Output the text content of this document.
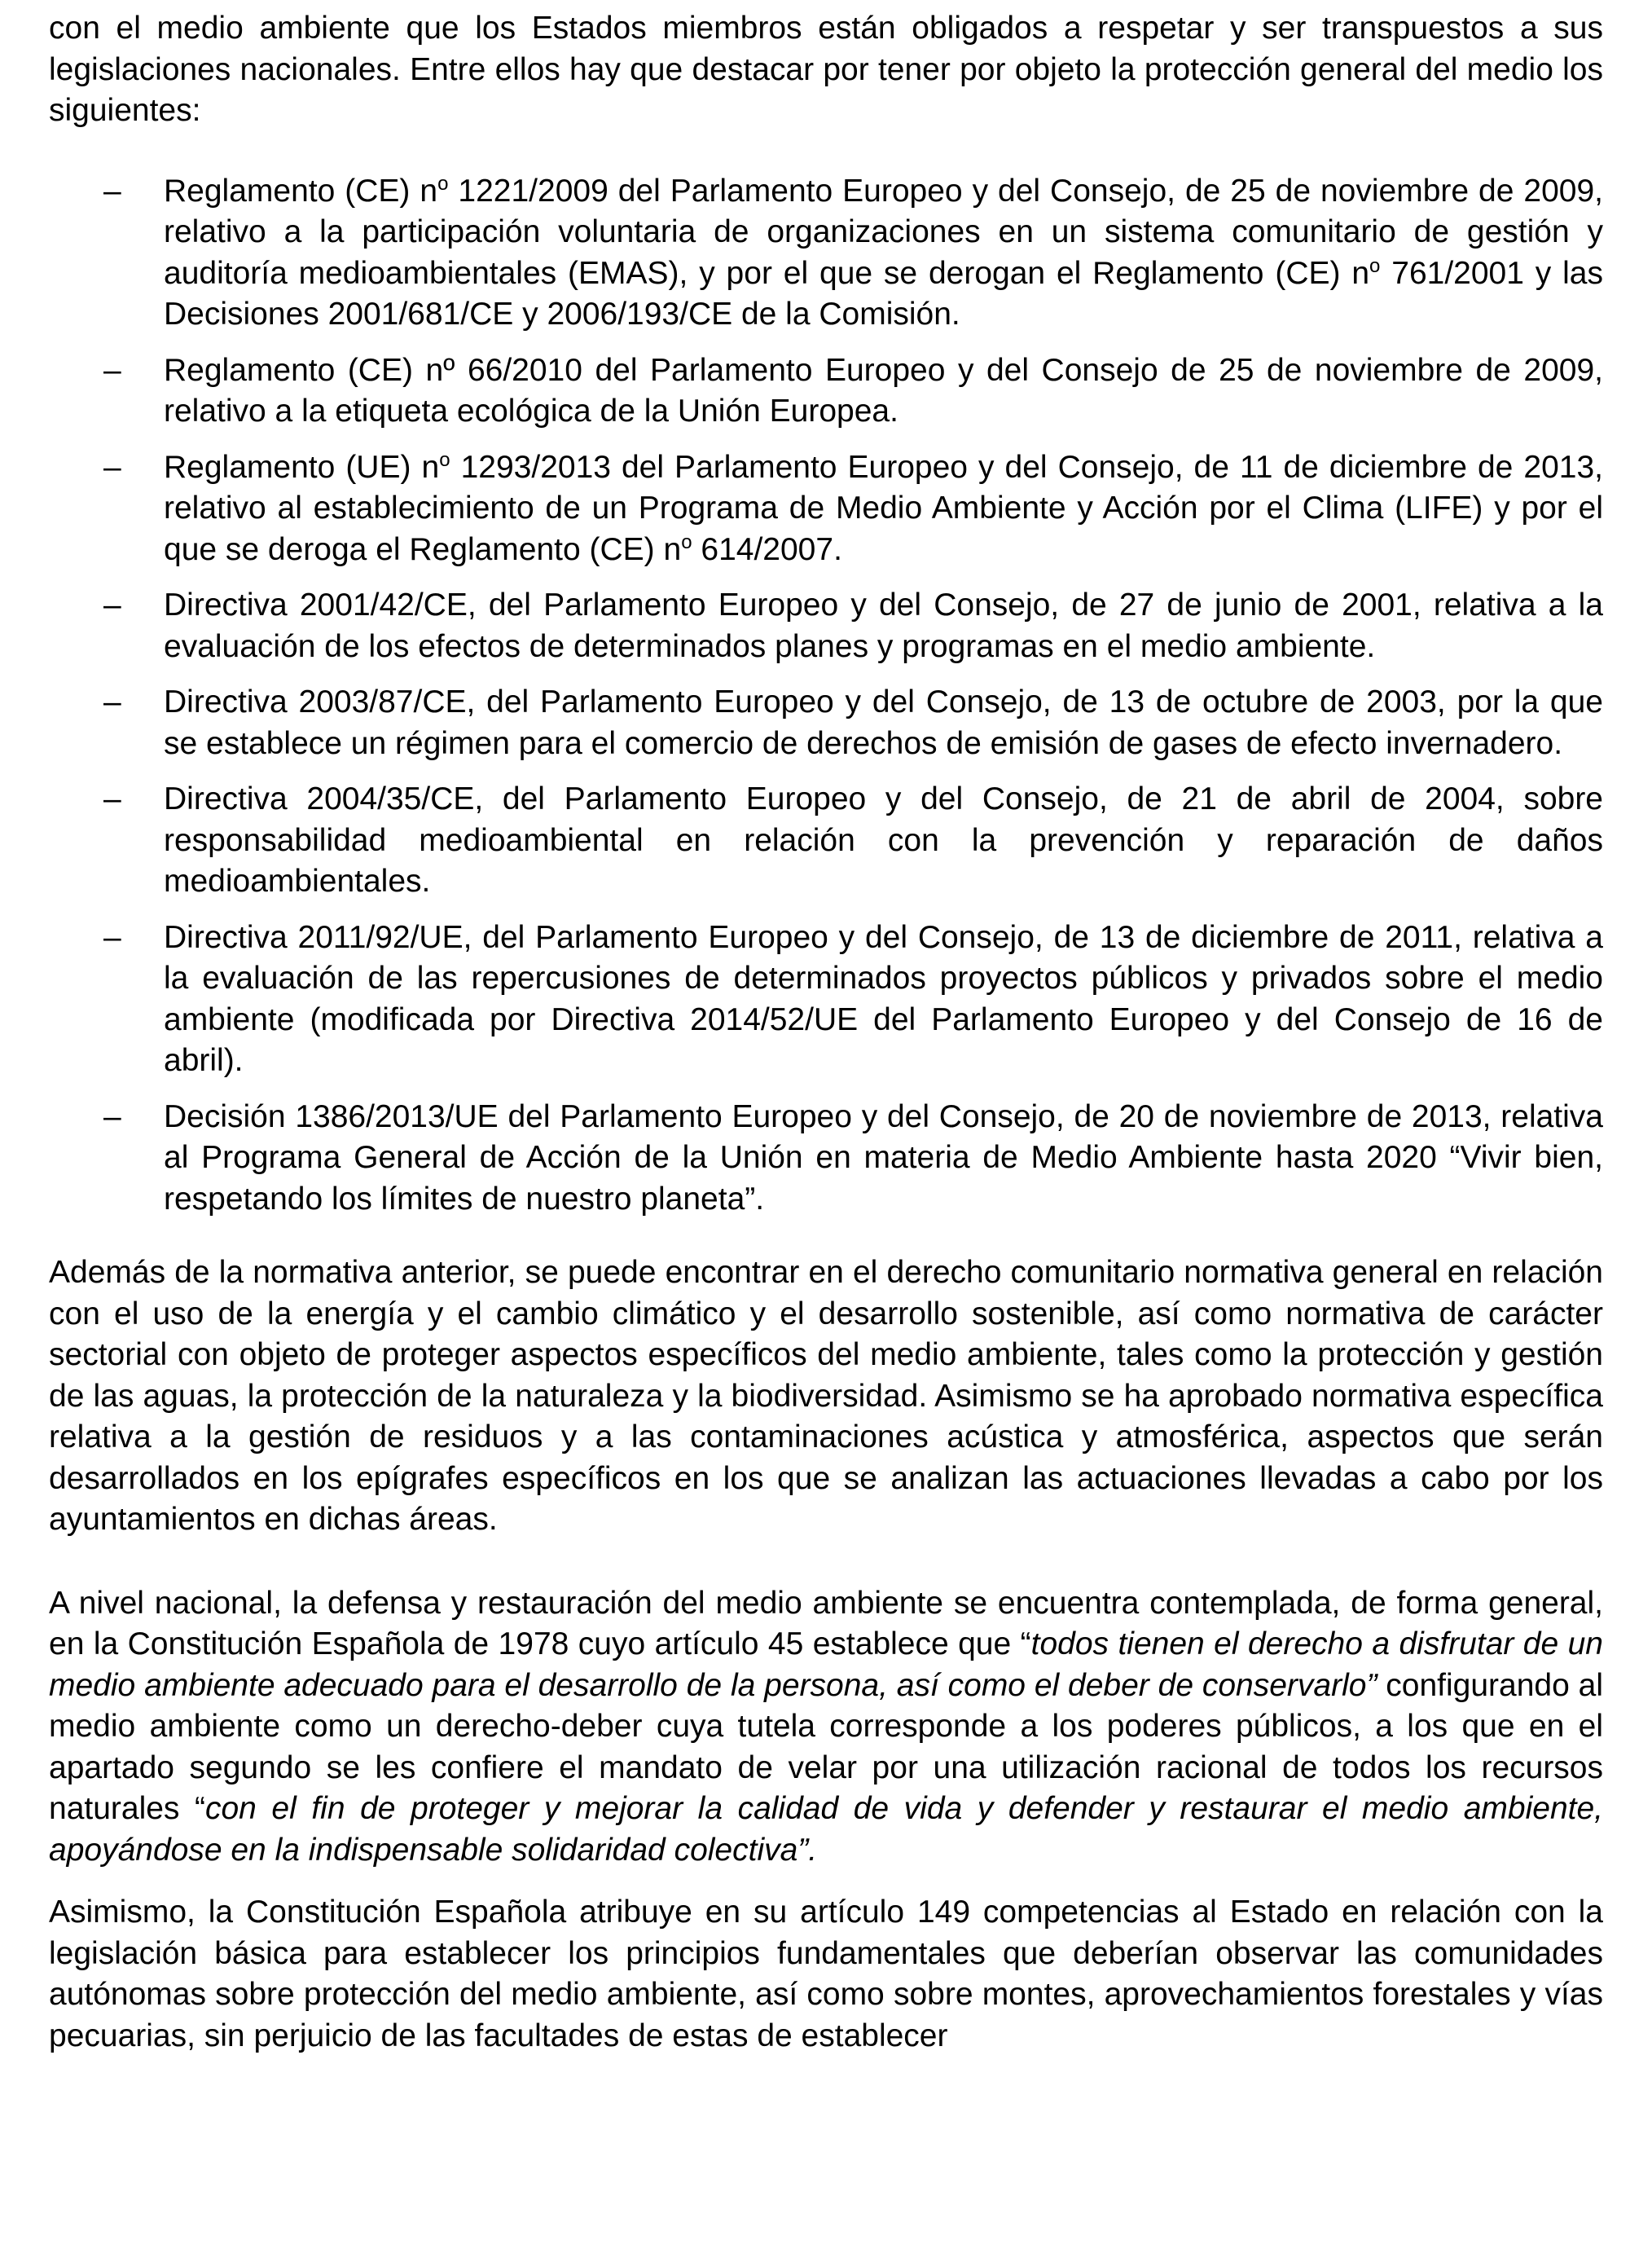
con el medio ambiente que los Estados miembros están obligados a respetar y ser transpuestos a sus legislaciones nacionales. Entre ellos hay que destacar por tener por objeto la protección general del medio los siguientes:

– Reglamento (CE) $n^o$ 1221/2009 del Parlamento Europeo y del Consejo, de 25 de noviembre de 2009, relativo a la participación voluntaria de organizaciones en un sistema comunitario de gestión y auditoría medioambientales (EMAS), y por el que se derogan el Reglamento (CE) $n^o$ 761/2001 y las Decisiones 2001/681/CE y 2006/193/CE de la Comisión.
– Reglamento (CE) nº 66/2010 del Parlamento Europeo y del Consejo de 25 de noviembre de 2009, relativo a la etiqueta ecológica de la Unión Europea.
– Reglamento (UE) $n^o$ 1293/2013 del Parlamento Europeo y del Consejo, de 11 de diciembre de 2013, relativo al establecimiento de un Programa de Medio Ambiente y Acción por el Clima (LIFE) y por el que se deroga el Reglamento (CE) $n^o$ 614/2007.
– Directiva 2001/42/CE, del Parlamento Europeo y del Consejo, de 27 de junio de 2001, relativa a la evaluación de los efectos de determinados planes y programas en el medio ambiente.
– Directiva 2003/87/CE, del Parlamento Europeo y del Consejo, de 13 de octubre de 2003, por la que se establece un régimen para el comercio de derechos de emisión de gases de efecto invernadero.
– Directiva 2004/35/CE, del Parlamento Europeo y del Consejo, de 21 de abril de 2004, sobre responsabilidad medioambiental en relación con la prevención y reparación de daños medioambientales.
– Directiva 2011/92/UE, del Parlamento Europeo y del Consejo, de 13 de diciembre de 2011, relativa a la evaluación de las repercusiones de determinados proyectos públicos y privados sobre el medio ambiente (modificada por Directiva 2014/52/UE del Parlamento Europeo y del Consejo de 16 de abril).
– Decisión 1386/2013/UE del Parlamento Europeo y del Consejo, de 20 de noviembre de 2013, relativa al Programa General de Acción de la Unión en materia de Medio Ambiente hasta 2020 “Vivir bien, respetando los límites de nuestro planeta”.

Además de la normativa anterior, se puede encontrar en el derecho comunitario normativa general en relación con el uso de la energía y el cambio climático y el desarrollo sostenible, así como normativa de carácter sectorial con objeto de proteger aspectos específicos del medio ambiente, tales como la protección y gestión de las aguas, la protección de la naturaleza y la biodiversidad. Asimismo se ha aprobado normativa específica relativa a la gestión de residuos y a las contaminaciones acústica y atmosférica, aspectos que serán desarrollados en los epígrafes específicos en los que se analizan las actuaciones llevadas a cabo por los ayuntamientos en dichas áreas.

A nivel nacional, la defensa y restauración del medio ambiente se encuentra contemplada, de forma general, en la Constitución Española de 1978 cuyo artículo 45 establece que “todos tienen el derecho a disfrutar de un medio ambiente adecuado para el desarrollo de la persona, así como el deber de conservarlo” configurando al medio ambiente como un derecho-deber cuya tutela corresponde a los poderes públicos, a los que en el apartado segundo se les confiere el mandato de velar por una utilización racional de todos los recursos naturales “con el fin de proteger y mejorar la calidad de vida y defender y restaurar el medio ambiente, apoyándose en la indispensable solidaridad colectiva”.

Asimismo, la Constitución Española atribuye en su artículo 149 competencias al Estado en relación con la legislación básica para establecer los principios fundamentales que deberían observar las comunidades autónomas sobre protección del medio ambiente, así como sobre montes, aprovechamientos forestales y vías pecuarias, sin perjuicio de las facultades de estas de establecer
